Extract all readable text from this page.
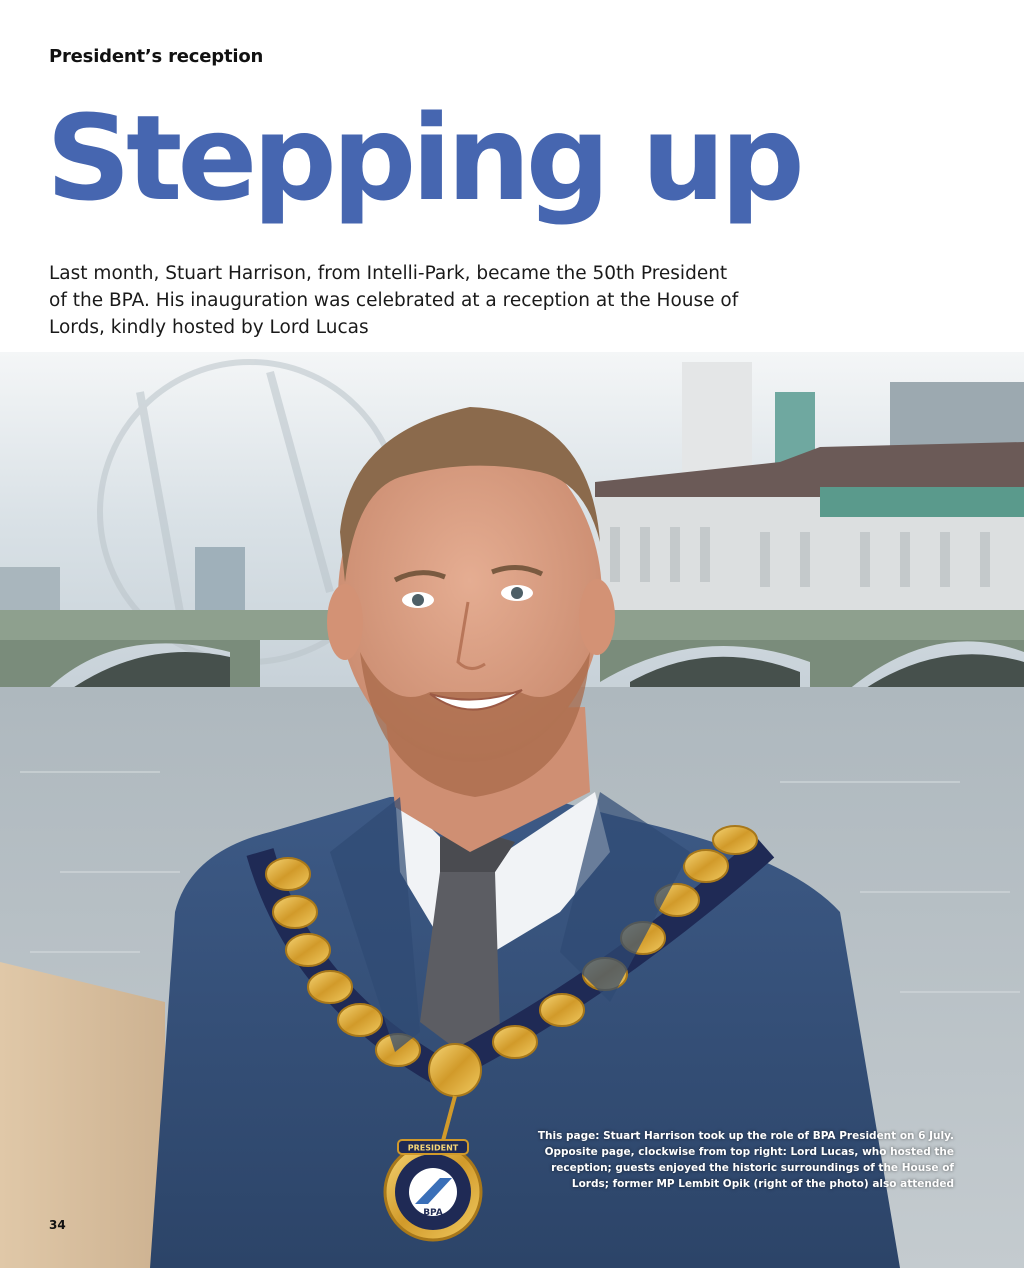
President’s reception
Stepping up
Last month, Stuart Harrison, from Intelli-Park, became the 50th President of the BPA. His inauguration was celebrated at a reception at the House of Lords, kindly hosted by Lord Lucas
PRESIDENT
BPA
This page: Stuart Harrison took up the role of BPA President on 6 July. Opposite page, clockwise from top right: Lord Lucas, who hosted the reception; guests enjoyed the historic surroundings of the House of Lords; former MP Lembit Opik (right of the photo) also attended
34
